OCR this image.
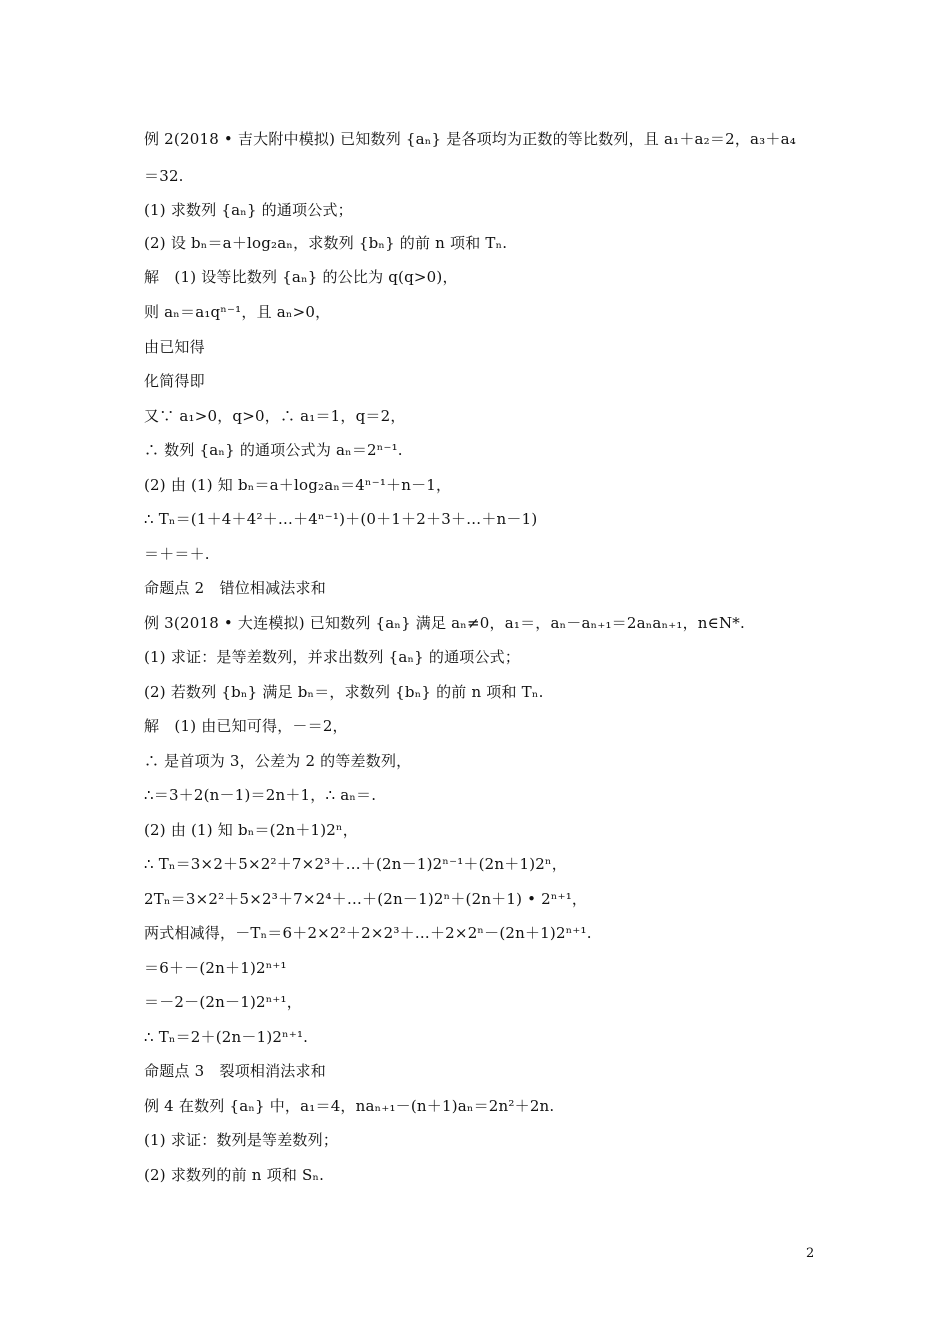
例 2(2018 • 吉大附中模拟) 已知数列 {aₙ} 是各项均为正数的等比数列，且 a₁＋a₂＝2，a₃＋a₄
＝32.
(1) 求数列 {aₙ} 的通项公式；
(2) 设 bₙ＝a＋log₂aₙ，求数列 {bₙ} 的前 n 项和 Tₙ.
解　(1) 设等比数列 {aₙ} 的公比为 q(q>0)，
则 aₙ＝a₁qⁿ⁻¹，且 aₙ>0，
由已知得
化简得即
又∵ a₁>0，q>0，∴ a₁＝1，q＝2，
∴ 数列 {aₙ} 的通项公式为 aₙ＝2ⁿ⁻¹.
(2) 由 (1) 知 bₙ＝a＋log₂aₙ＝4ⁿ⁻¹＋n－1，
∴ Tₙ＝(1＋4＋4²＋…＋4ⁿ⁻¹)＋(0＋1＋2＋3＋…＋n－1)
＝＋＝＋.
命题点 2　错位相减法求和
例 3(2018 • 大连模拟) 已知数列 {aₙ} 满足 aₙ≠0，a₁＝，aₙ－aₙ₊₁＝2aₙaₙ₊₁，n∈N*.
(1) 求证：是等差数列，并求出数列 {aₙ} 的通项公式；
(2) 若数列 {bₙ} 满足 bₙ＝，求数列 {bₙ} 的前 n 项和 Tₙ.
解　(1) 由已知可得，－＝2，
∴ 是首项为 3，公差为 2 的等差数列，
∴＝3＋2(n－1)＝2n＋1，∴ aₙ＝.
(2) 由 (1) 知 bₙ＝(2n＋1)2ⁿ，
∴ Tₙ＝3×2＋5×2²＋7×2³＋…＋(2n－1)2ⁿ⁻¹＋(2n＋1)2ⁿ，
2Tₙ＝3×2²＋5×2³＋7×2⁴＋…＋(2n－1)2ⁿ＋(2n＋1) • 2ⁿ⁺¹，
两式相减得，－Tₙ＝6＋2×2²＋2×2³＋…＋2×2ⁿ－(2n＋1)2ⁿ⁺¹.
＝6＋－(2n＋1)2ⁿ⁺¹
＝－2－(2n－1)2ⁿ⁺¹，
∴ Tₙ＝2＋(2n－1)2ⁿ⁺¹.
命题点 3　裂项相消法求和
例 4 在数列 {aₙ} 中，a₁＝4，naₙ₊₁－(n＋1)aₙ＝2n²＋2n.
(1) 求证：数列是等差数列；
(2) 求数列的前 n 项和 Sₙ.
2
